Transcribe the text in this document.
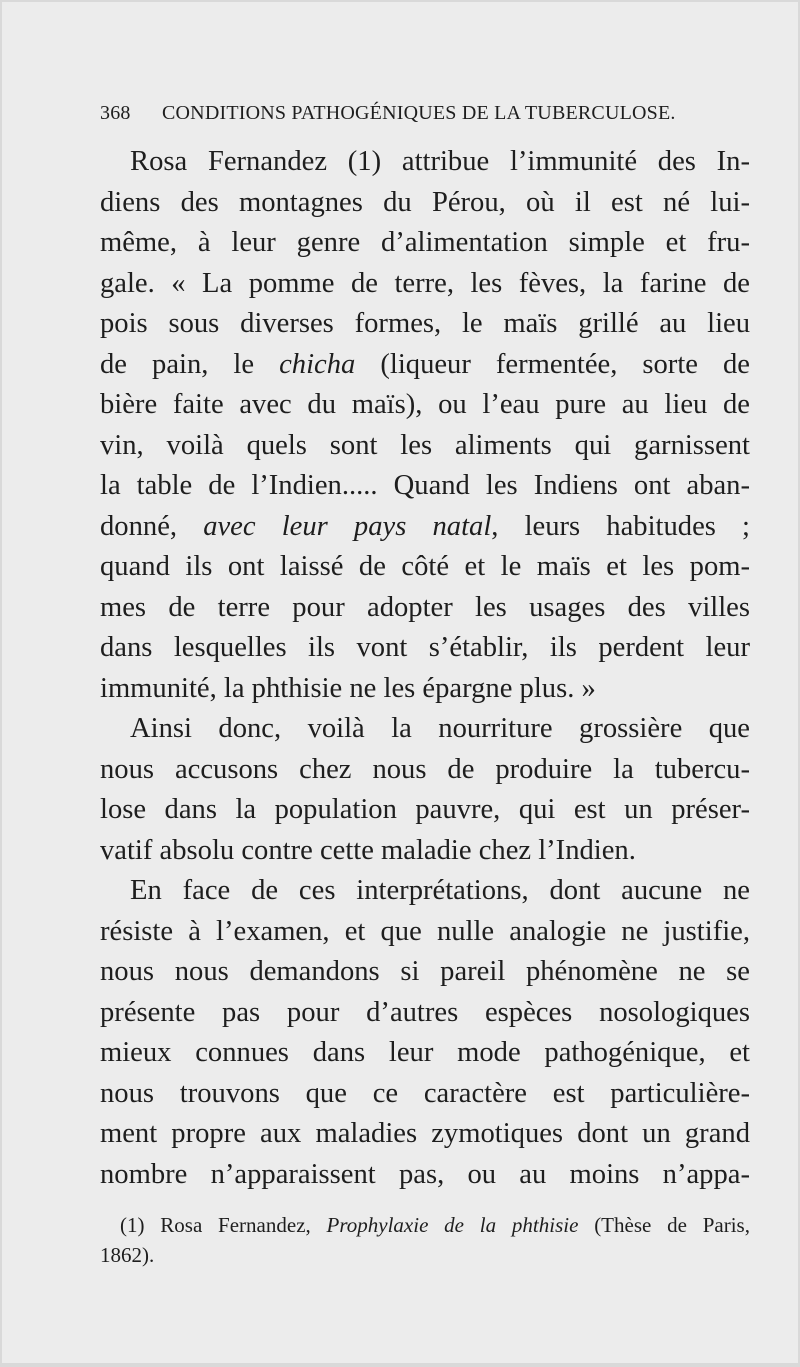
368	CONDITIONS PATHOGÉNIQUES DE LA TUBERCULOSE.
Rosa Fernandez (1) attribue l’immunité des In-
diens des montagnes du Pérou, où il est né lui-
même, à leur genre d’alimentation simple et fru-
gale. « La pomme de terre, les fèves, la farine de
pois sous diverses formes, le maïs grillé au lieu
de pain, le chicha (liqueur fermentée, sorte de
bière faite avec du maïs), ou l’eau pure au lieu de
vin, voilà quels sont les aliments qui garnissent
la table de l’Indien..... Quand les Indiens ont aban-
donné, avec leur pays natal, leurs habitudes ;
quand ils ont laissé de côté et le maïs et les pom-
mes de terre pour adopter les usages des villes
dans lesquelles ils vont s’établir, ils perdent leur
immunité, la phthisie ne les épargne plus. »
Ainsi donc, voilà la nourriture grossière que
nous accusons chez nous de produire la tubercu-
lose dans la population pauvre, qui est un préser-
vatif absolu contre cette maladie chez l’Indien.
En face de ces interprétations, dont aucune ne
résiste à l’examen, et que nulle analogie ne justifie,
nous nous demandons si pareil phénomène ne se
présente pas pour d’autres espèces nosologiques
mieux connues dans leur mode pathogénique, et
nous trouvons que ce caractère est particulière-
ment propre aux maladies zymotiques dont un grand
nombre n’apparaissent pas, ou au moins n’appa-
(1) Rosa Fernandez, Prophylaxie de la phthisie (Thèse de Paris,
1862).
